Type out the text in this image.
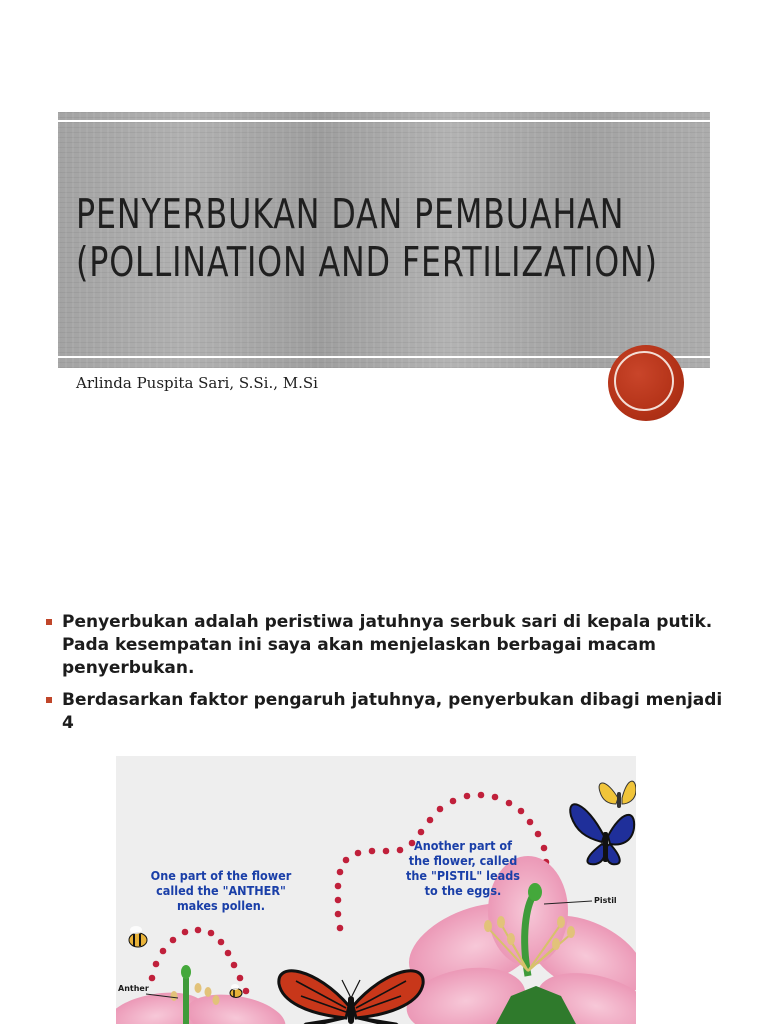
PENYERBUKAN DAN PEMBUAHAN
(POLLINATION AND FERTILIZATION)
Arlinda Puspita Sari, S.Si., M.Si
Penyerbukan adalah peristiwa jatuhnya serbuk sari di kepala putik. Pada kesempatan ini saya akan menjelaskan berbagai macam penyerbukan.
Berdasarkan faktor pengaruh jatuhnya, penyerbukan dibagi menjadi 4
One part of the flower
called the "ANTHER"
makes pollen.
Another part of
the flower, called
the "PISTIL" leads
to the eggs.
Pistil
Anther
